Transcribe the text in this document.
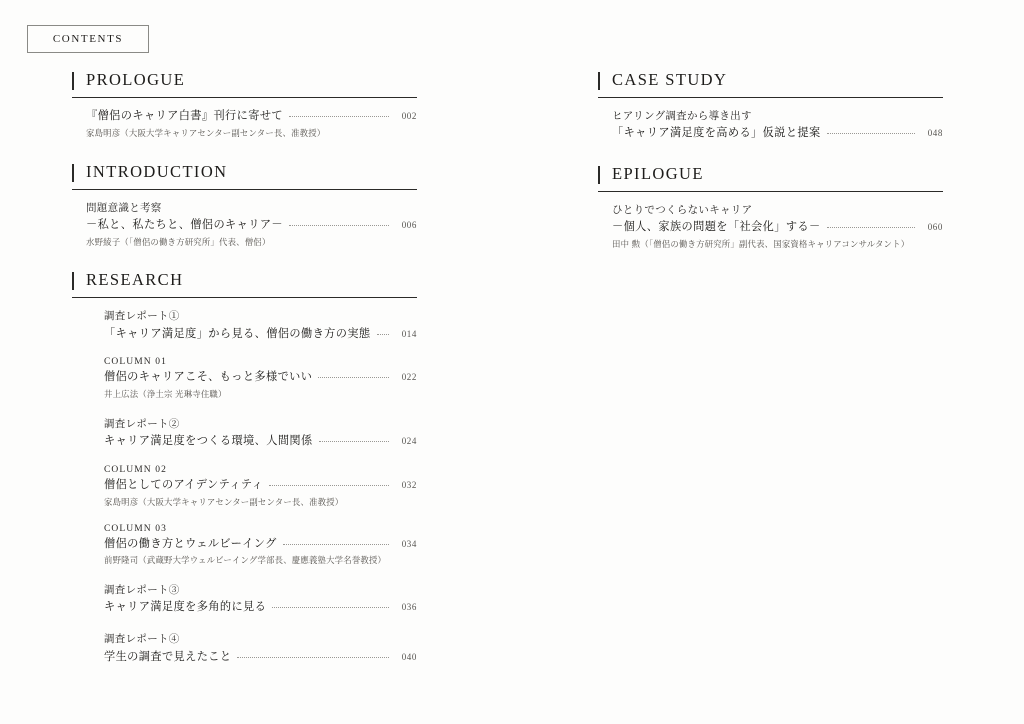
CONTENTS
PROLOGUE
『僧侶のキャリア白書』刊行に寄せて	002
家島明彦（大阪大学キャリアセンター副センター長、准教授）
INTRODUCTION
問題意識と考察
－私と、私たちと、僧侶のキャリア－	006
水野綾子（「僧侶の働き方研究所」代表、僧侶）
RESEARCH
調査レポート①
「キャリア満足度」から見る、僧侶の働き方の実態	014
COLUMN 01
僧侶のキャリアこそ、もっと多様でいい	022
井上広法（浄土宗 光琳寺住職）
調査レポート②
キャリア満足度をつくる環境、人間関係	024
COLUMN 02
僧侶としてのアイデンティティ	032
家島明彦（大阪大学キャリアセンター副センター長、准教授）
COLUMN 03
僧侶の働き方とウェルビーイング	034
前野隆司（武蔵野大学ウェルビーイング学部長、慶應義塾大学名誉教授）
調査レポート③
キャリア満足度を多角的に見る	036
調査レポート④
学生の調査で見えたこと	040
CASE STUDY
ヒアリング調査から導き出す
「キャリア満足度を高める」仮説と提案	048
EPILOGUE
ひとりでつくらないキャリア
－個人、家族の問題を「社会化」する－	060
田中 勲（「僧侶の働き方研究所」副代表、国家資格キャリアコンサルタント）
